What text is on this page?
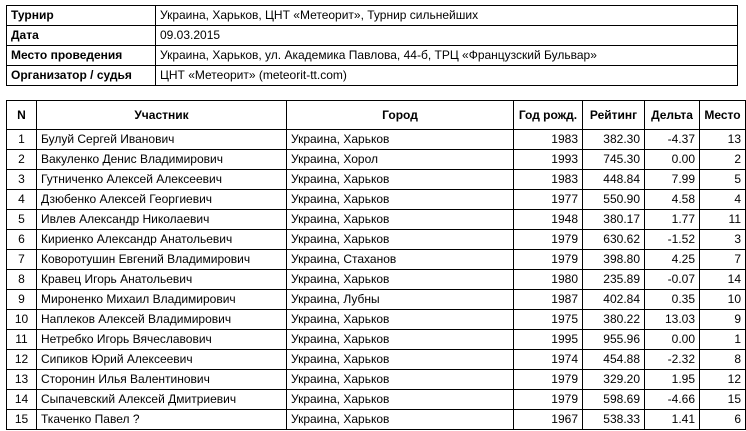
Турнир	Украина, Харьков, ЦНТ «Метеорит», Турнир сильнейших
Дата	09.03.2015
Место проведения	Украина, Харьков, ул. Академика Павлова, 44-б, ТРЦ «Французский Бульвар»
Организатор / судья	ЦНТ «Метеорит» (meteorit-tt.com)
N	Участник	Город	Год рожд.	Рейтинг	Дельта	Место
1	Булуй Сергей Иванович	Украина, Харьков	1983	382.30	-4.37	13
2	Вакуленко Денис Владимирович	Украина, Хорол	1993	745.30	0.00	2
3	Гутниченко Алексей Алексеевич	Украина, Харьков	1983	448.84	7.99	5
4	Дзюбенко Алексей Георгиевич	Украина, Харьков	1977	550.90	4.58	4
5	Ивлев Александр Николаевич	Украина, Харьков	1948	380.17	1.77	11
6	Кириенко Александр Анатольевич	Украина, Харьков	1979	630.62	-1.52	3
7	Коворотушин Евгений Владимирович	Украина, Стаханов	1979	398.80	4.25	7
8	Кравец Игорь Анатольевич	Украина, Харьков	1980	235.89	-0.07	14
9	Мироненко Михаил Владимирович	Украина, Лубны	1987	402.84	0.35	10
10	Наплеков Алексей Владимирович	Украина, Харьков	1975	380.22	13.03	9
11	Нетребко Игорь Вячеславович	Украина, Харьков	1995	955.96	0.00	1
12	Сипиков Юрий Алексеевич	Украина, Харьков	1974	454.88	-2.32	8
13	Сторонин Илья Валентинович	Украина, Харьков	1979	329.20	1.95	12
14	Сыпачевский Алексей Дмитриевич	Украина, Харьков	1979	598.69	-4.66	15
15	Ткаченко Павел ?	Украина, Харьков	1967	538.33	1.41	6
